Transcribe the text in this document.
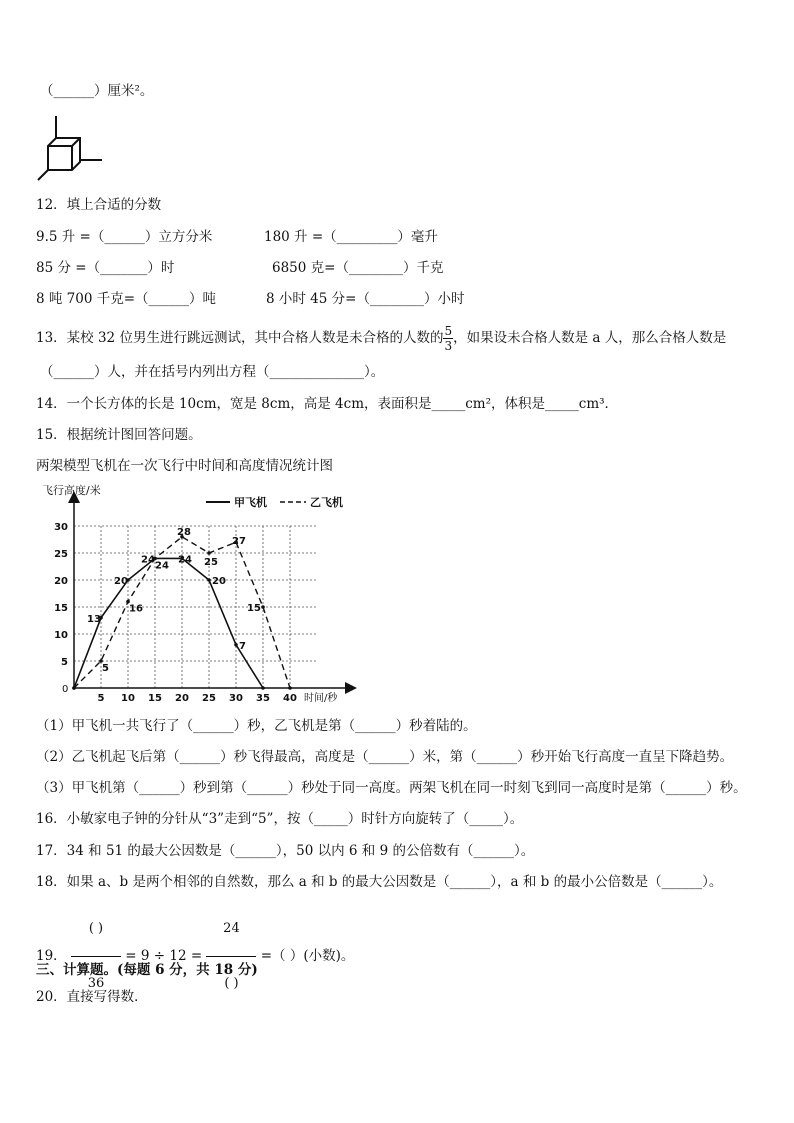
（______）厘米²。
12．填上合适的分数
9.5 升 =（______）立方分米	180 升 =（_________）毫升
85 分 =（_______）时	6850 克=（________）千克
8 吨 700 千克=（______）吨	8 小时 45 分=（________）小时
13．某校 32 位男生进行跳远测试，其中合格人数是未合格的人数的 $\frac{5}{3}$ ，如果设未合格人数是 a 人，那么合格人数是
（______）人，并在括号内列出方程（______________）。
14．一个长方体的长是 10cm，宽是 8cm，高是 4cm，表面积是_____cm²，体积是_____cm³．
15．根据统计图回答问题。
两架模型飞机在一次飞行中时间和高度情况统计图
飞行高度/米
时间/秒
0
甲飞机	乙飞机
5 10 15 20 25 30 35 40
30
25
20
15
10
5
13
20
24 24
20
7
5
16
24
28
25
27
15
（1）甲飞机一共飞行了（______）秒，乙飞机是第（______）秒着陆的。
（2）乙飞机起飞后第（______）秒飞得最高，高度是（______）米，第（______）秒开始飞行高度一直呈下降趋势。
（3）甲飞机第（______）秒到第（______）秒处于同一高度。两架飞机在同一时刻飞到同一高度时是第（______）秒。
16．小敏家电子钟的分针从“3”走到“5”，按（_____）时针方向旋转了（_____）。
17．34 和 51 的最大公因数是（______），50 以内 6 和 9 的公倍数有（______）。
18．如果 a、b 是两个相邻的自然数，那么 a 和 b 的最大公因数是（______），a 和 b 的最小公倍数是（______）。
19． $\frac{( )}{36} = 9 \div 12 = \frac{24}{( )}$ =（ ）(小数)。
三、计算题。(每题 6 分，共 18 分)
20．直接写得数．
